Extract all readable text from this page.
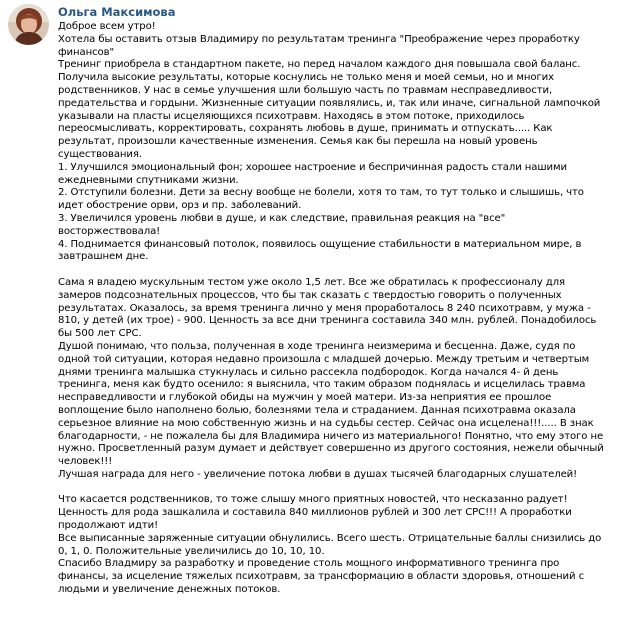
Ольга Максимова

Доброе всем утро!

Хотела бы оставить отзыв Владимиру по результатам тренинга "Преображение через проработку финансов"

Тренинг приобрела в стандартном пакете, но перед началом каждого дня повышала свой баланс. Получила высокие результаты, которые коснулись не только меня и моей семьи, но и многих родственников. У нас в семье улучшения шли большую часть по травмам несправедливости, предательства и гордыни. Жизненные ситуации появлялись, и, так или иначе, сигнальной лампочкой указывали на пласты исцеляющихся психотравм. Находясь в этом потоке, приходилось переосмысливать, корректировать, сохранять любовь в душе, принимать и отпускать..... Как результат, произошли качественные изменения. Семья как бы перешла на новый уровень существования.

1. Улучшился эмоциональный фон; хорошее настроение и беспричинная радость стали нашими ежедневными спутниками жизни.

2. Отступили болезни. Дети за весну вообще не болели, хотя то там, то тут только и слышишь, что идет обострение орви, орз и пр. заболеваний.

3. Увеличился уровень любви в душе, и как следствие, правильная реакция на "все" восторжествовала!

4. Поднимается финансовый потолок, появилось ощущение стабильности в материальном мире, в завтрашнем дне.

Сама я владею мускульным тестом уже около 1,5 лет. Все же обратилась к профессионалу для замеров подсознательных процессов, что бы так сказать с твердостью говорить о полученных результатах. Оказалось, за время тренинга лично у меня проработалось 8 240 психотравм, у мужа - 810, у детей (их трое) - 900. Ценность за все дни тренинга составила 340 млн. рублей. Понадобилось бы 500 лет СРС.

Душой понимаю, что польза, полученная в ходе тренинга неизмерима и бесценна. Даже, судя по одной той ситуации, которая недавно произошла с младшей дочерью. Между третьим и четвертым днями тренинга малышка стукнулась и сильно рассекла подбородок. Когда начался 4- й день тренинга, меня как будто осенило: я выяснила, что таким образом поднялась и исцелилась травма несправедливости и глубокой обиды на мужчин у моей матери. Из-за неприятия ее прошлое воплощение было наполнено болью, болезнями тела и страданием. Данная психотравма оказала серьезное влияние на мою собственную жизнь и на судьбы сестер. Сейчас она исцелена!!!..... В знак благодарности, - не пожалела бы для Владимира ничего из материального! Понятно, что ему этого не нужно. Просветленный разум думает и действует совершенно из другого состояния, нежели обычный человек!!!

Лучшая награда для него - увеличение потока любви в душах тысячей благодарных слушателей!

Что касается родственников, то тоже слышу много приятных новостей, что несказанно радует! Ценность для рода зашкалила и составила 840 миллионов рублей и 300 лет СРС!!! А проработки продолжают идти!

Все выписанные заряженные ситуации обнулились. Всего шесть. Отрицательные баллы снизились до 0, 1, 0. Положительные увеличились до 10, 10, 10.

Спасибо Владмиру за разработку и проведение столь мощного информативного тренинга про финансы, за исцеление тяжелых психотравм, за трансформацию в области здоровья, отношений с людьми и увеличение денежных потоков.
